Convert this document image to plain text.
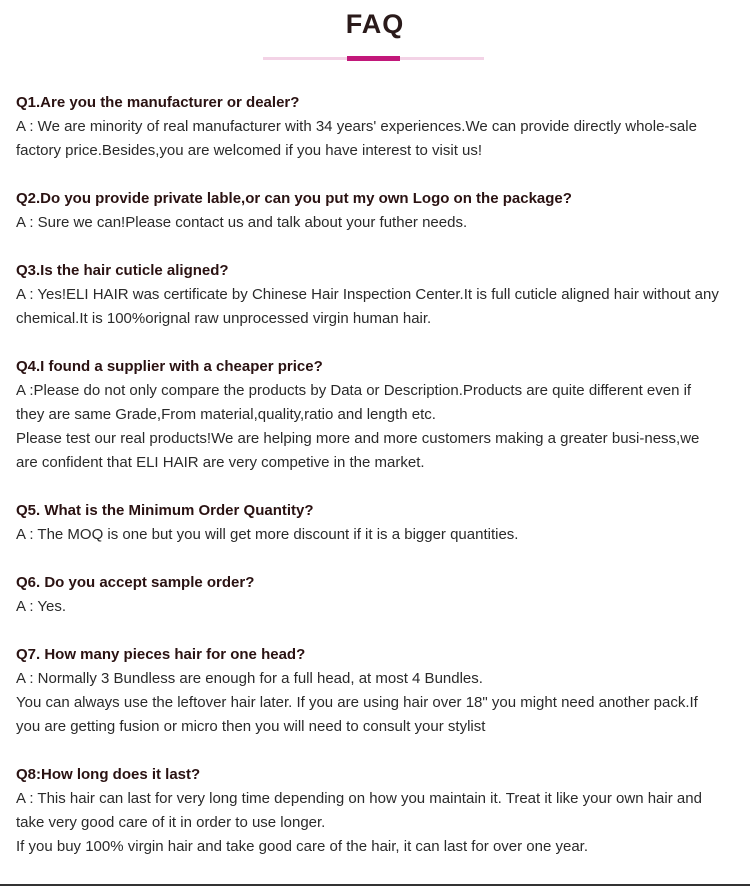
FAQ
Q1.Are you the manufacturer or dealer?
A : We are minority of real manufacturer with 34 years' experiences.We can provide directly whole-sale factory price.Besides,you are welcomed if you have interest to visit us!
Q2.Do you provide private lable,or can you put my own Logo on the package?
A : Sure we can!Please contact us and talk about your futher needs.
Q3.Is the hair cuticle aligned?
A : Yes!ELI HAIR was certificate by Chinese Hair Inspection Center.It is full cuticle aligned hair without any chemical.It is 100%orignal raw unprocessed virgin human hair.
Q4.I found a supplier with a cheaper price?
A :Please do not only compare the products by Data or Description.Products are quite different even if they are same Grade,From material,quality,ratio and length etc.
Please test our real products!We are helping more and more customers making a greater busi-ness,we are confident that ELI HAIR are very competive in the market.
Q5. What is the Minimum Order Quantity?
A : The MOQ is one but you will get more discount if it is a bigger quantities.
Q6. Do you accept sample order?
A : Yes.
Q7. How many pieces hair for one head?
A : Normally 3 Bundless are enough for a full head, at most 4 Bundles.
You can always use the leftover hair later. If you are using hair over 18" you might need another pack.If you are getting fusion or micro then you will need to consult your stylist
Q8:How long does it last?
A : This hair can last for very long time depending on how you maintain it. Treat it like your own hair and take very good care of it in order to use longer.
If you buy 100% virgin hair and take good care of the hair, it can last for over one year.
